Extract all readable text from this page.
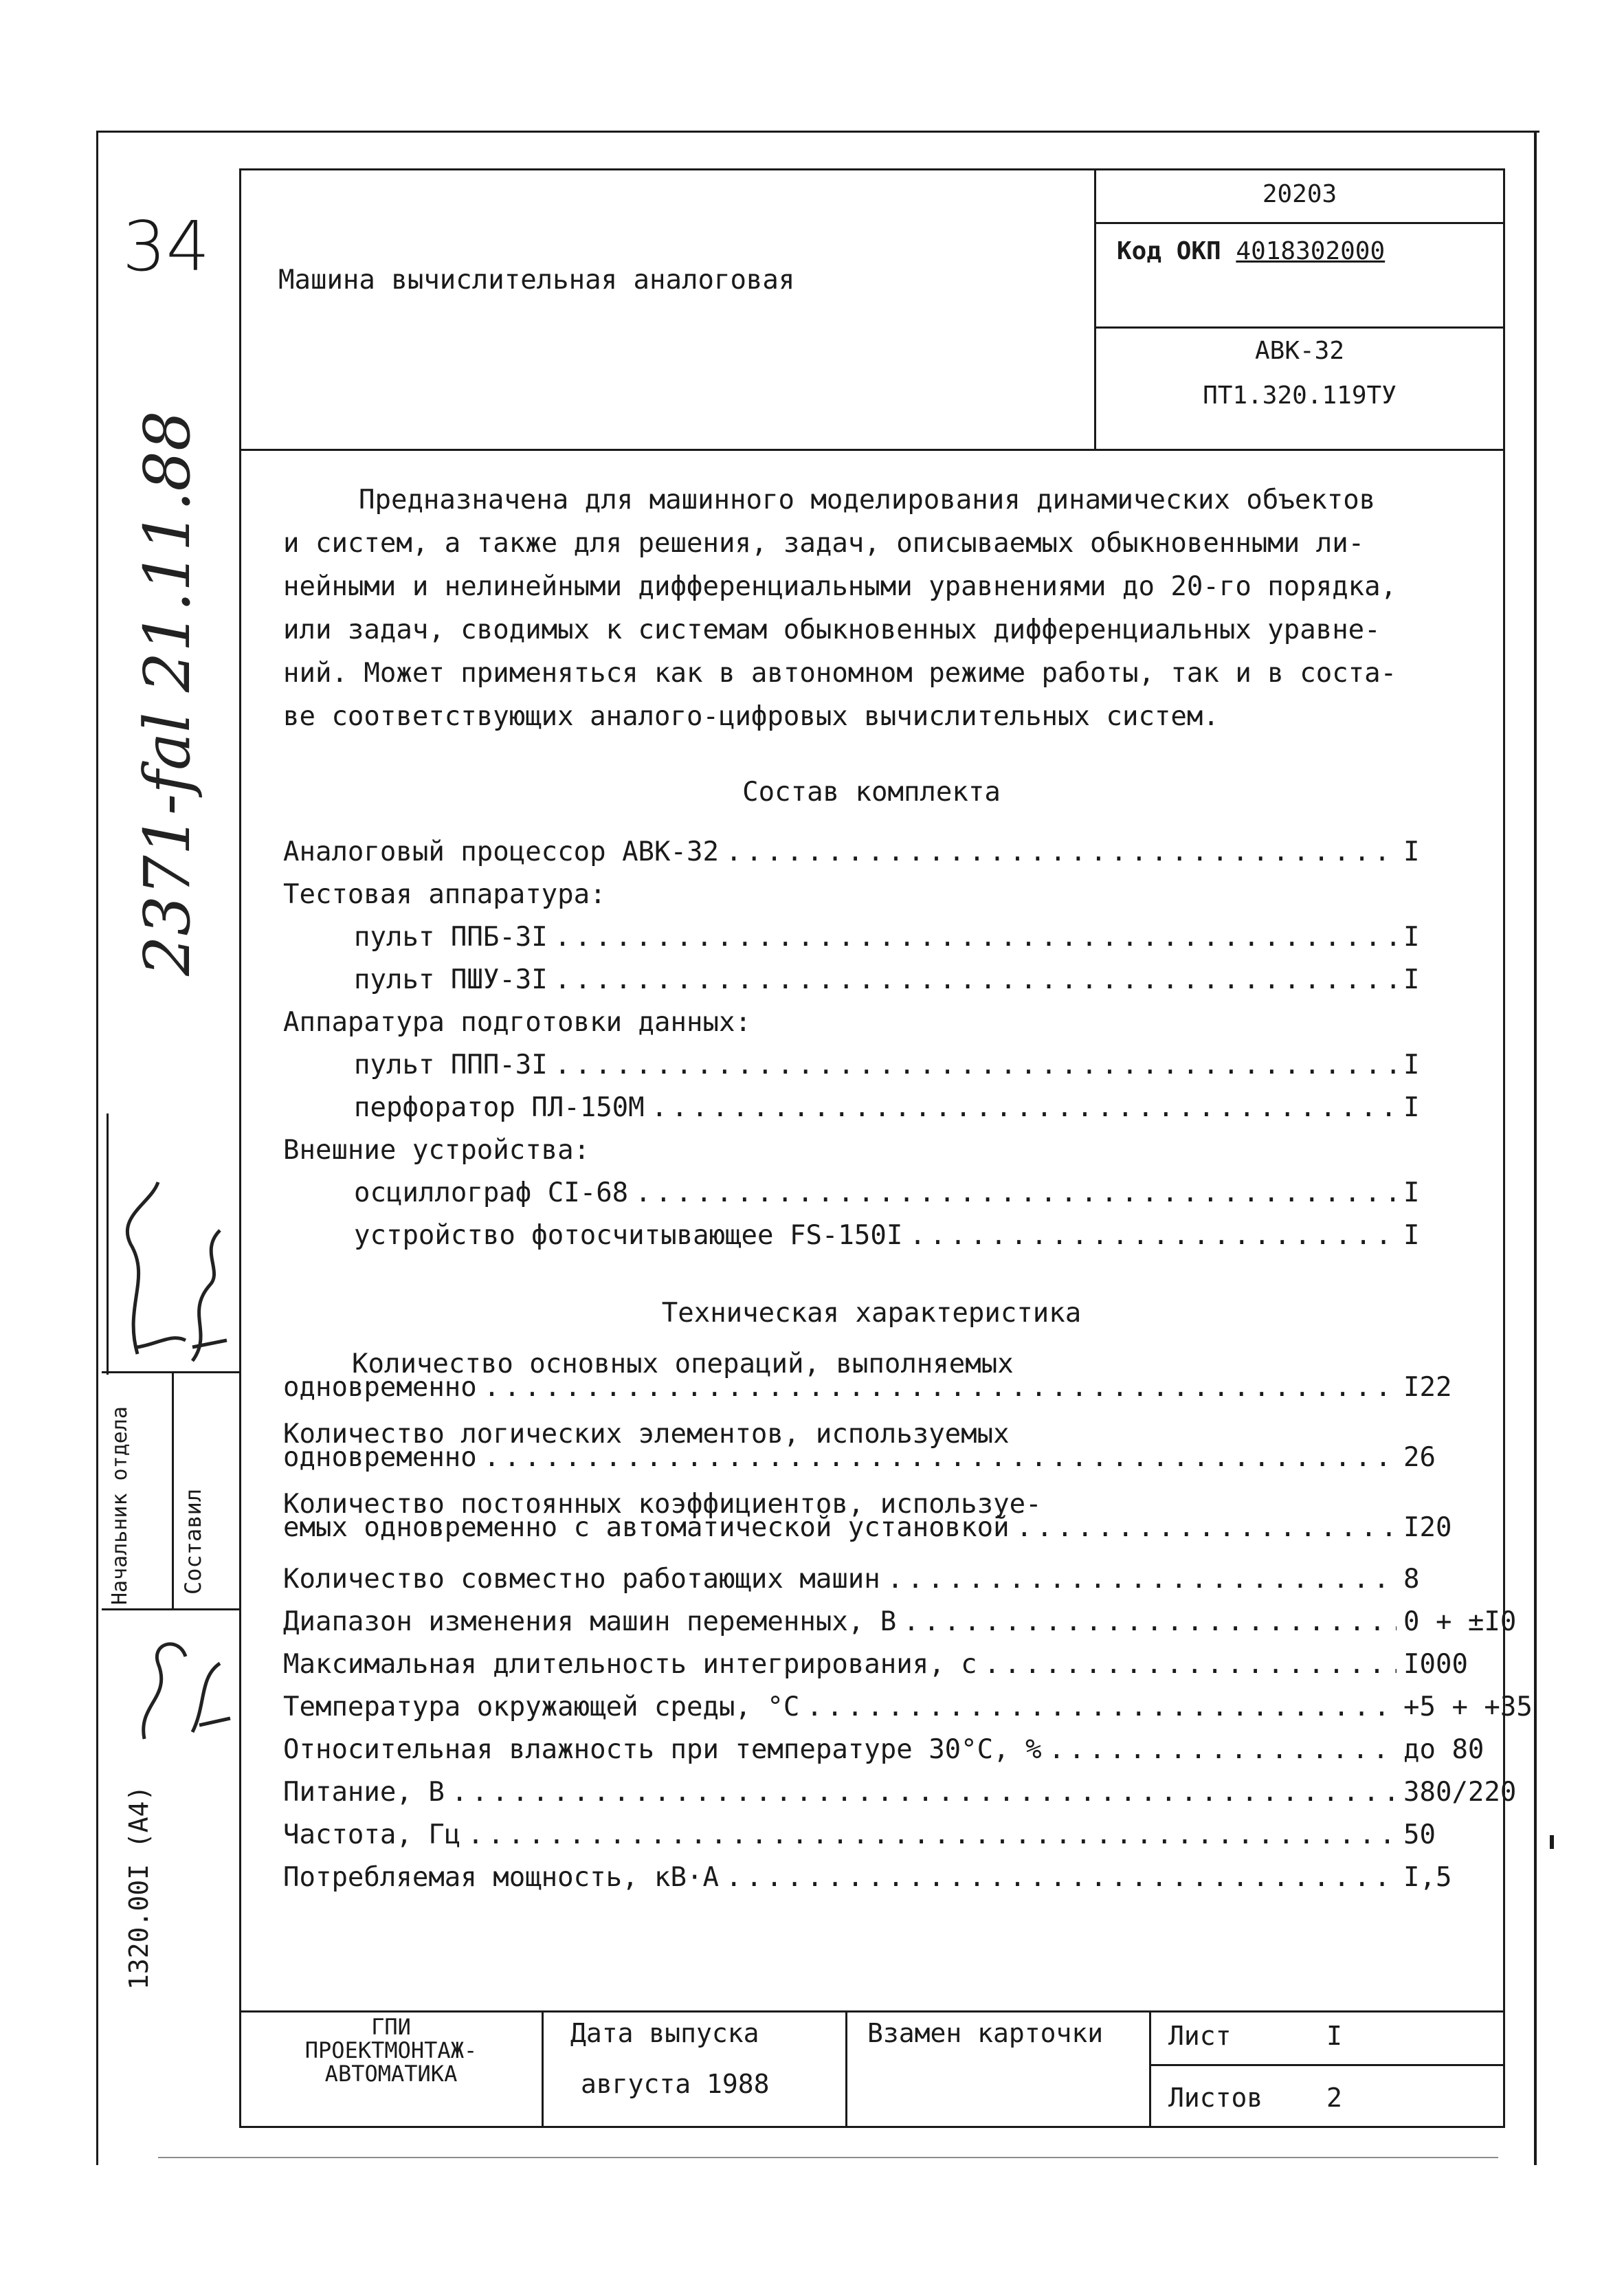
20203
Код ОКП 4018302000
Машина вычислительная аналоговая
АВК-32
ПТ1.320.119ТУ
Предназначена для машинного моделирования динамических объектов
и систем, а также для решения, задач, описываемых обыкновенными ли-
нейными и нелинейными дифференциальными уравнениями до 20-го порядка,
или задач, сводимых к системам обыкновенных дифференциальных уравне-
ний. Может применяться как в автономном режиме работы, так и в соста-
ве соответствующих аналого-цифровых вычислительных систем.
Состав комплекта
Аналоговый процессор АВК-32 .....	I
Тестовая аппаратура:
пульт ППБ-3I .....	I
пульт ПШУ-3I .....	I
Аппаратура подготовки данных:
пульт ППП-3I .....	I
перфоратор ПЛ-150М .....	I
Внешние устройства:
осциллограф СI-68 .....	I
устройство фотосчитывающее FS-150I .....	I
Техническая характеристика
Количество основных операций, выполняемых
одновременно .....	I22
Количество логических элементов, используемых
одновременно .....	26
Количество постоянных коэффициентов, используе-
емых одновременно с автоматической установкой .....	I20
Количество совместно работающих машин .....	8
Диапазон изменения машин переменных, В .....	0 + ±I0
Максимальная длительность интегрирования, с .....	I000
Температура окружающей среды, °С .....	+5 + +35
Относительная влажность при температуре 30°С, % .....	до 80
Питание, В .....	380/220
Частота, Гц .....	50
Потребляемая мощность, кВ·А .....	I,5
ГПИ
ПРОЕКТМОНТАЖ-
АВТОМАТИКА
Дата выпуска
августа 1988
Взамен карточки Лист	I
Листов 2
34
2371-fal 21.11.88
Начальник отдела Составил
1320.00I (A4)
